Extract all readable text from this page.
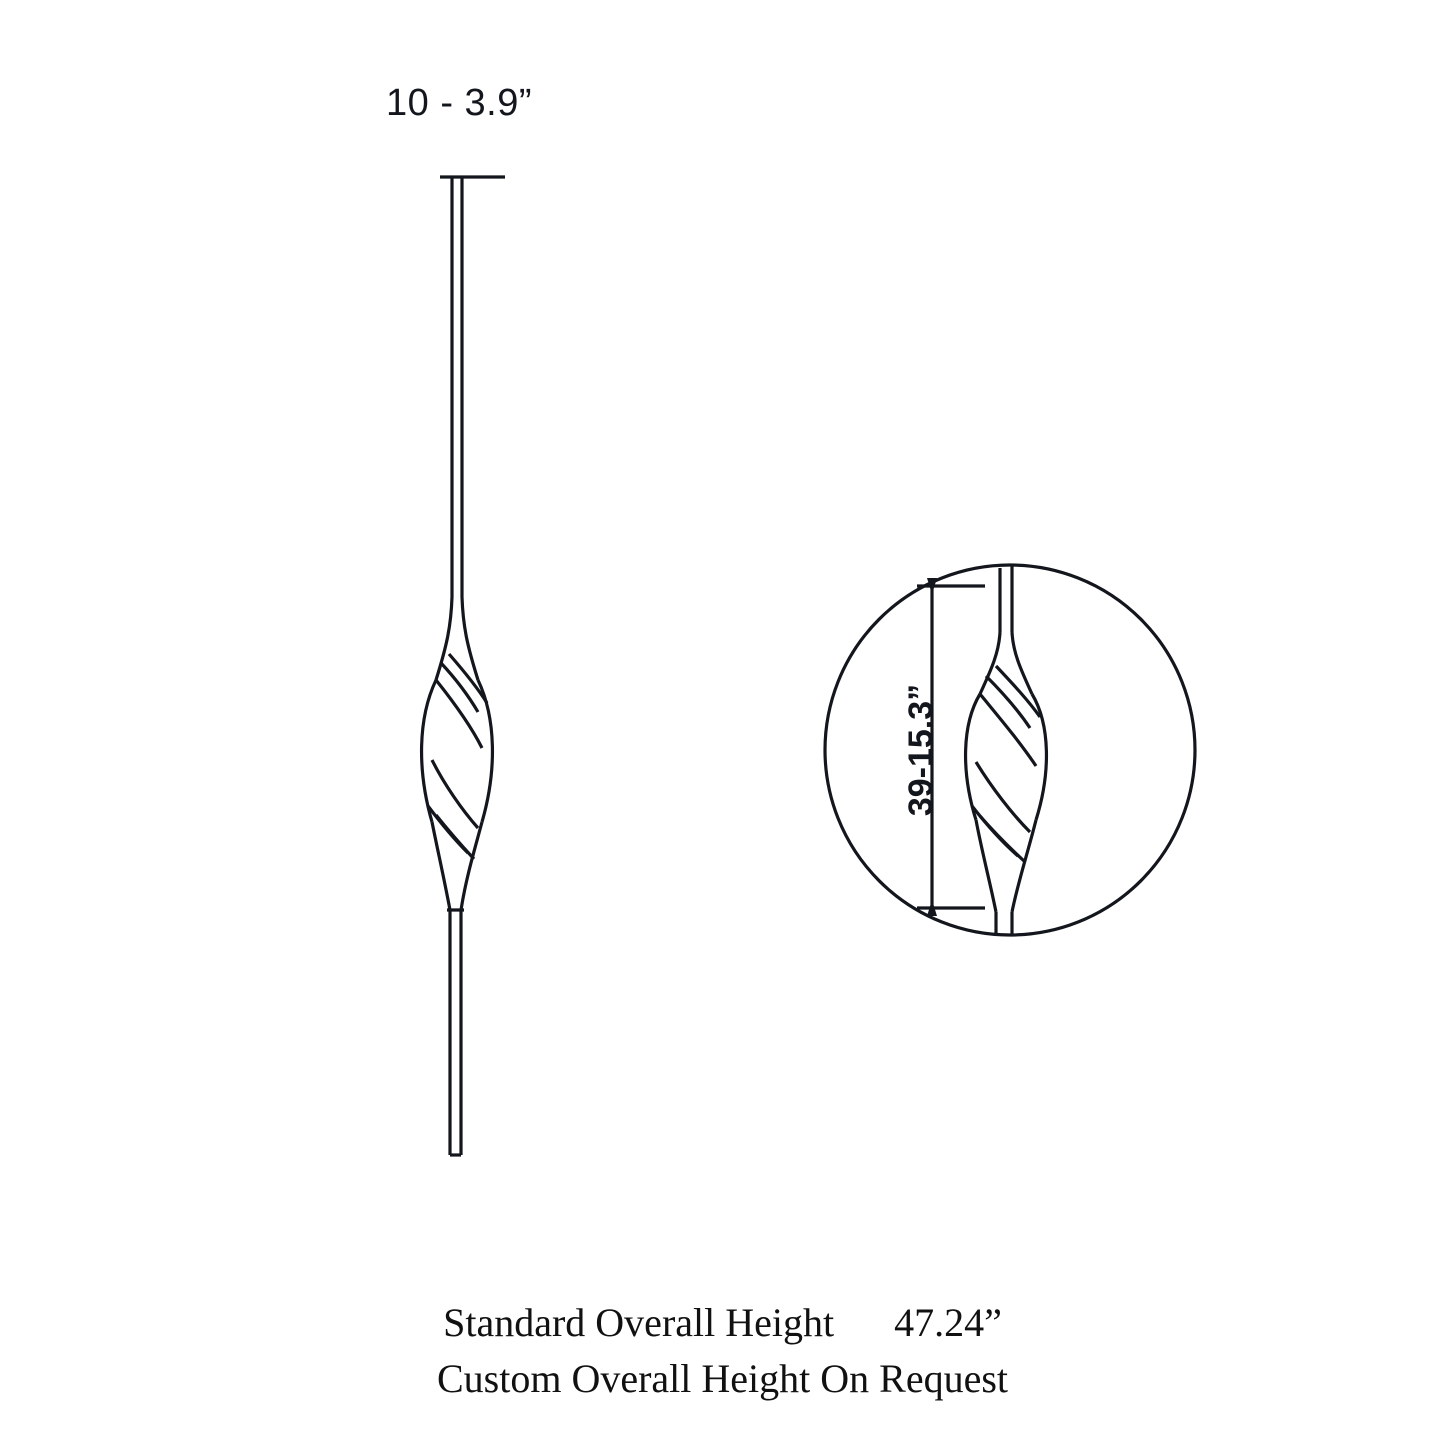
10 - 3.9”
39-15.3”
Standard Overall Height 47.24”
Custom Overall Height On Request
